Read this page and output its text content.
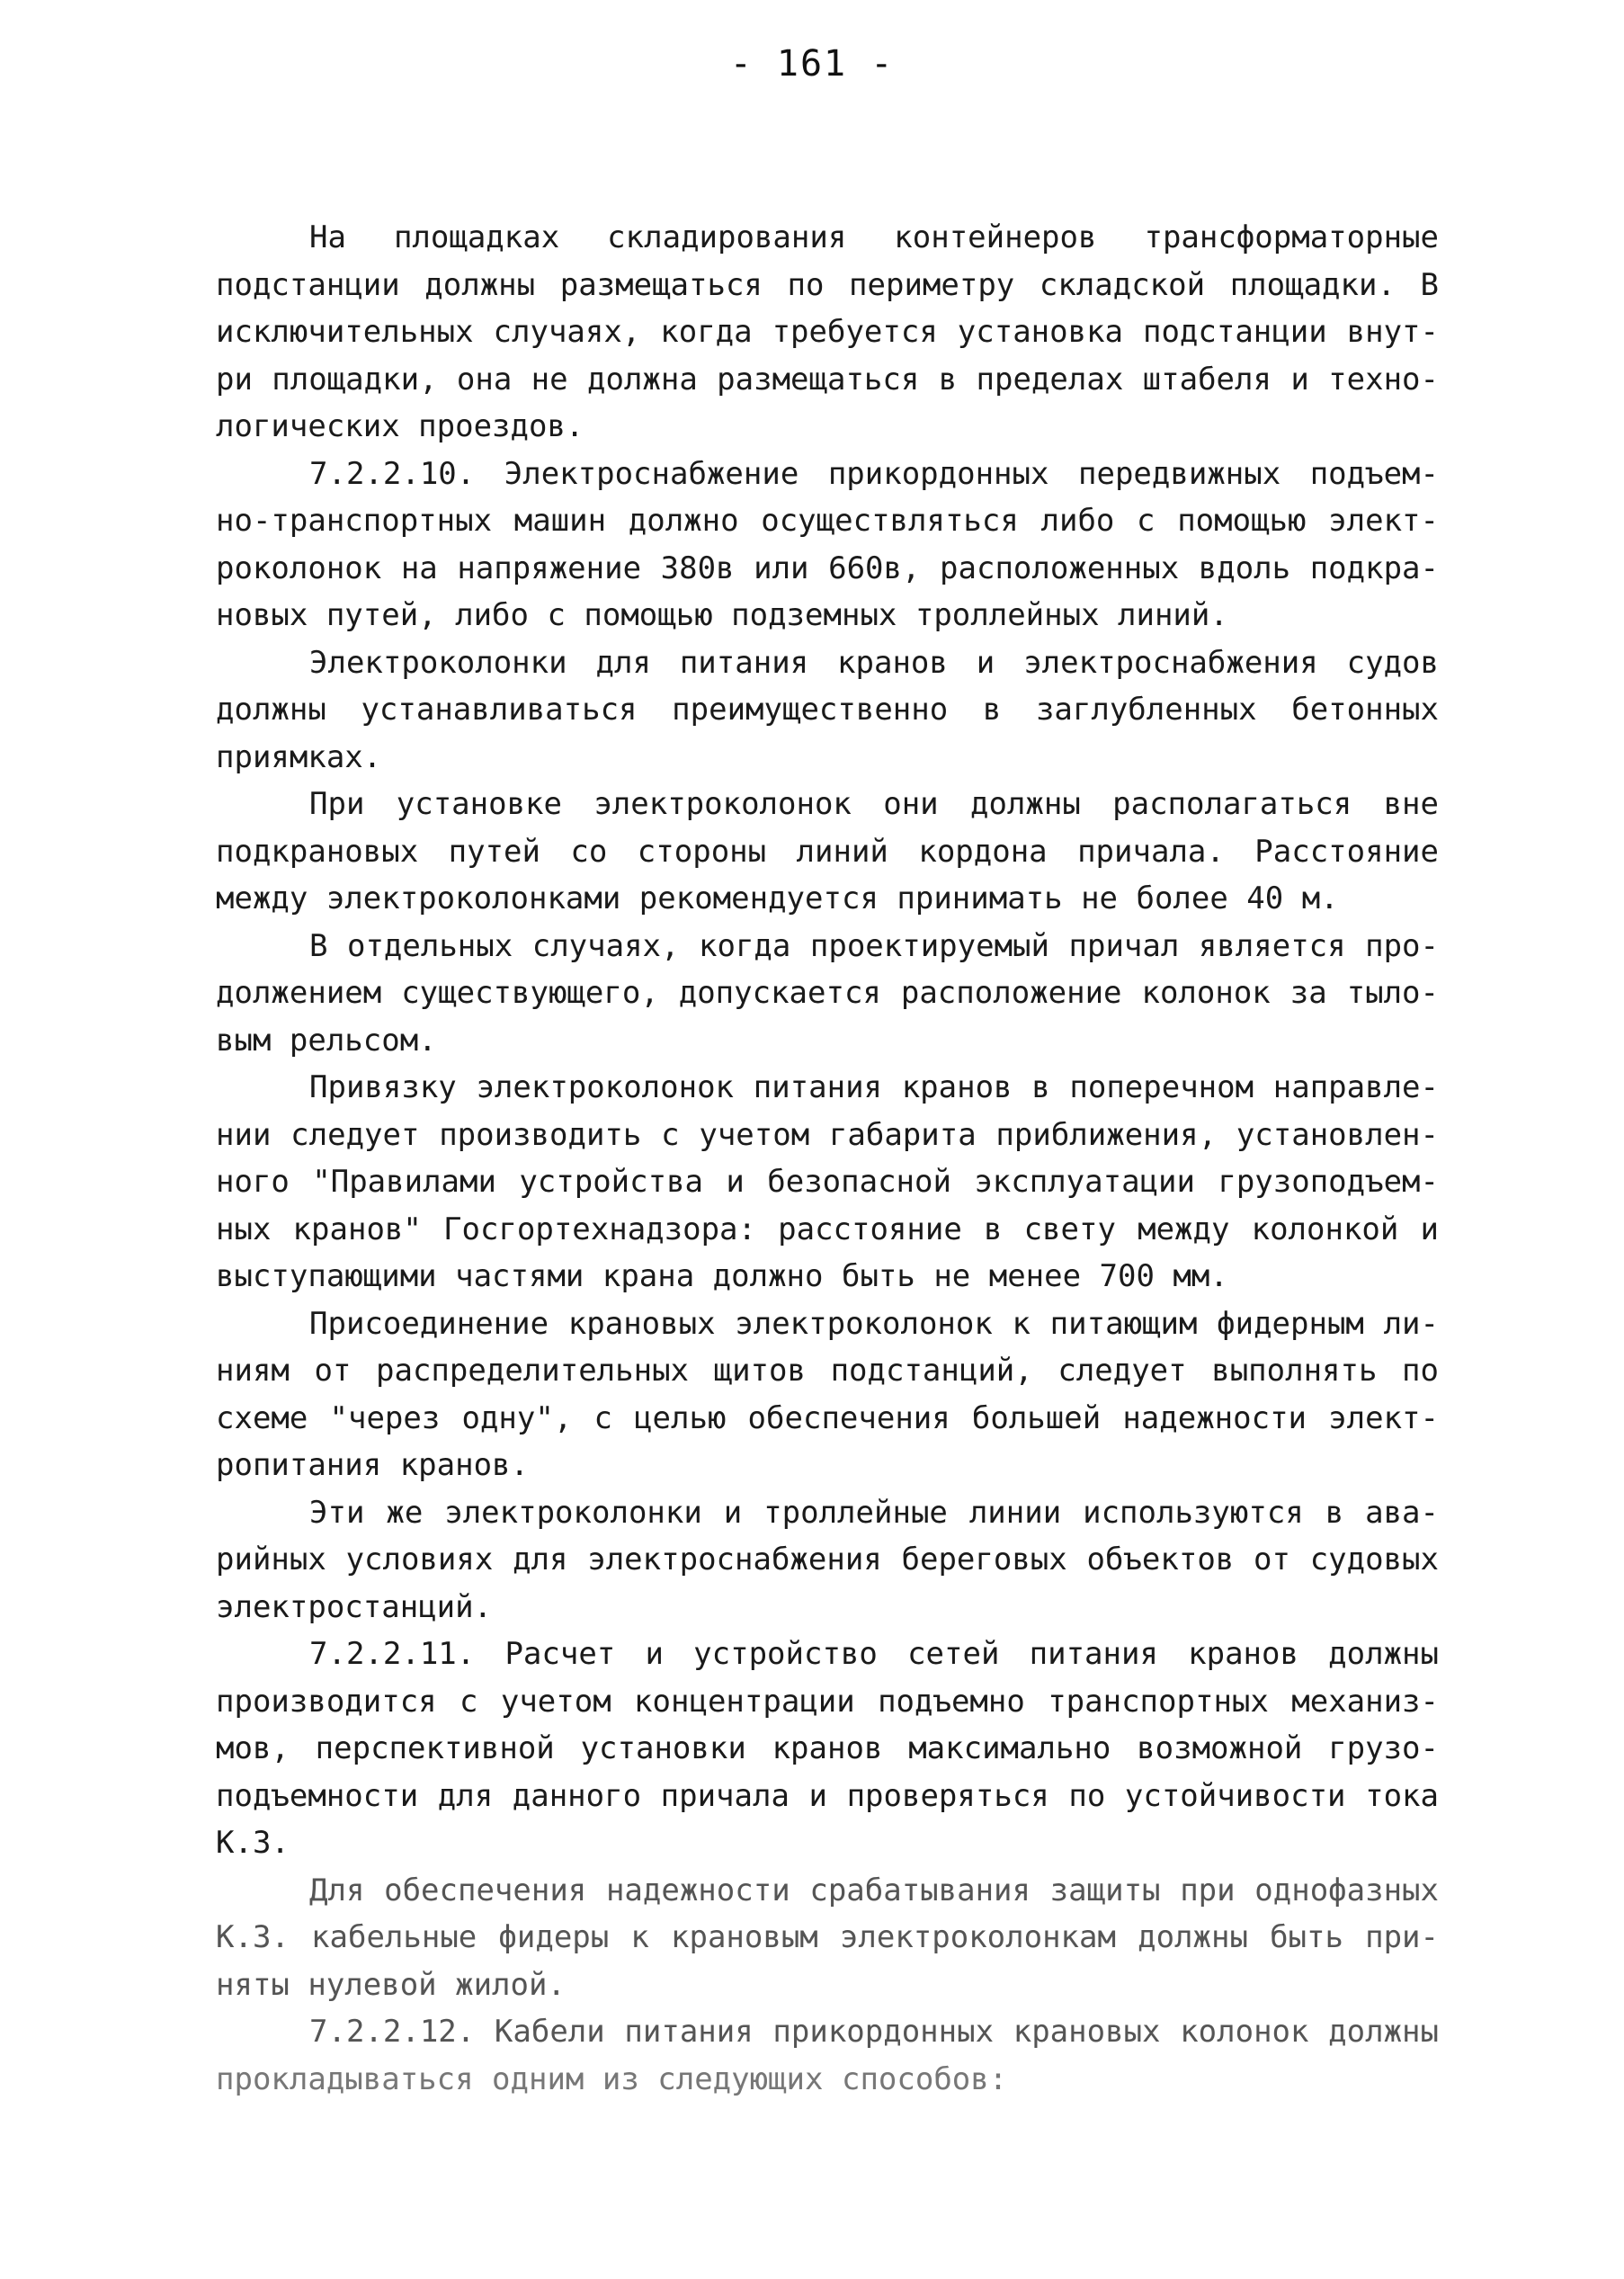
- 161 -
На площадках складирования контейнеров трансформаторные
подстанции должны размещаться по периметру складской площадки. В
исключительных случаях, когда требуется установка подстанции внут-
ри площадки, она не должна размещаться в пределах штабеля и техно-
логических проездов.
7.2.2.10. Электроснабжение прикордонных передвижных подъем-
но-транспортных машин должно осуществляться либо с помощью элект-
роколонок на напряжение 380в или 660в, расположенных вдоль подкра-
новых путей, либо с помощью подземных троллейных линий.
Электроколонки для питания кранов и электроснабжения судов
должны устанавливаться преимущественно в заглубленных бетонных
приямках.
При установке электроколонок они должны располагаться вне
подкрановых путей со стороны линий кордона причала. Расстояние
между электроколонками рекомендуется принимать не более 40 м.
В отдельных случаях, когда проектируемый причал является про-
должением существующего, допускается расположение колонок за тыло-
вым рельсом.
Привязку электроколонок питания кранов в поперечном направле-
нии следует производить с учетом габарита приближения, установлен-
ного "Правилами устройства и безопасной эксплуатации грузоподъем-
ных кранов" Госгортехнадзора: расстояние в свету между колонкой и
выступающими частями крана должно быть не менее 700 мм.
Присоединение крановых электроколонок к питающим фидерным ли-
ниям от распределительных щитов подстанций, следует выполнять по
схеме "через одну", с целью обеспечения большей надежности элект-
ропитания кранов.
Эти же электроколонки и троллейные линии используются в ава-
рийных условиях для электроснабжения береговых объектов от судовых
электростанций.
7.2.2.11. Расчет и устройство сетей питания кранов должны
производится с учетом концентрации подъемно транспортных механиз-
мов, перспективной установки кранов максимально возможной грузо-
подъемности для данного причала и проверяться по устойчивости тока
К.З.
Для обеспечения надежности срабатывания защиты при однофазных
К.З. кабельные фидеры к крановым электроколонкам должны быть при-
няты нулевой жилой.
7.2.2.12. Кабели питания прикордонных крановых колонок должны
прокладываться одним из следующих способов:
